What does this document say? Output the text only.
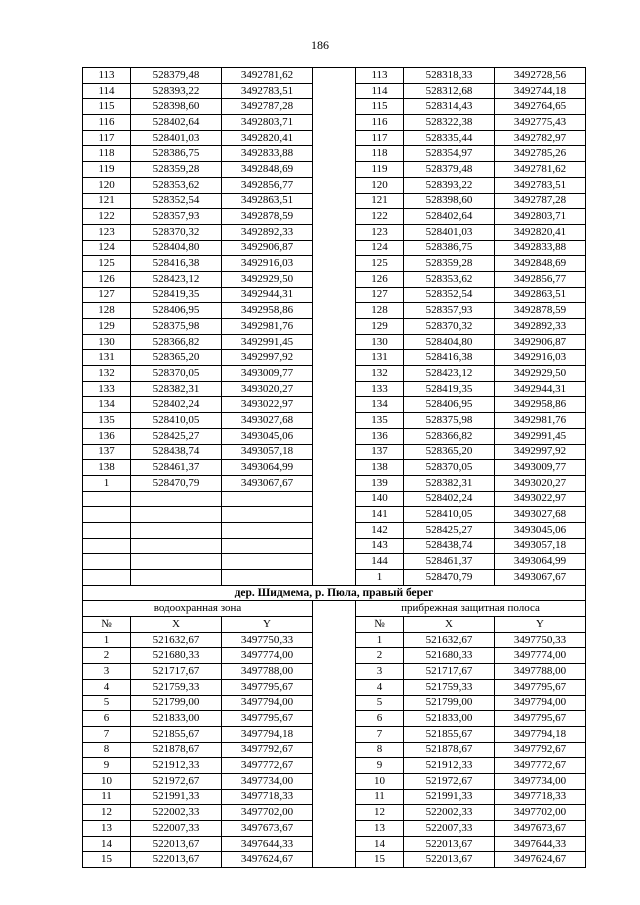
186
113	528379,48	3492781,62		113	528318,33	3492728,56
114	528393,22	3492783,51		114	528312,68	3492744,18
115	528398,60	3492787,28		115	528314,43	3492764,65
116	528402,64	3492803,71		116	528322,38	3492775,43
117	528401,03	3492820,41		117	528335,44	3492782,97
118	528386,75	3492833,88		118	528354,97	3492785,26
119	528359,28	3492848,69		119	528379,48	3492781,62
120	528353,62	3492856,77		120	528393,22	3492783,51
121	528352,54	3492863,51		121	528398,60	3492787,28
122	528357,93	3492878,59		122	528402,64	3492803,71
123	528370,32	3492892,33		123	528401,03	3492820,41
124	528404,80	3492906,87		124	528386,75	3492833,88
125	528416,38	3492916,03		125	528359,28	3492848,69
126	528423,12	3492929,50		126	528353,62	3492856,77
127	528419,35	3492944,31		127	528352,54	3492863,51
128	528406,95	3492958,86		128	528357,93	3492878,59
129	528375,98	3492981,76		129	528370,32	3492892,33
130	528366,82	3492991,45		130	528404,80	3492906,87
131	528365,20	3492997,92		131	528416,38	3492916,03
132	528370,05	3493009,77		132	528423,12	3492929,50
133	528382,31	3493020,27		133	528419,35	3492944,31
134	528402,24	3493022,97		134	528406,95	3492958,86
135	528410,05	3493027,68		135	528375,98	3492981,76
136	528425,27	3493045,06		136	528366,82	3492991,45
137	528438,74	3493057,18		137	528365,20	3492997,92
138	528461,37	3493064,99		138	528370,05	3493009,77
1	528470,79	3493067,67		139	528382,31	3493020,27
				140	528402,24	3493022,97
				141	528410,05	3493027,68
				142	528425,27	3493045,06
				143	528438,74	3493057,18
				144	528461,37	3493064,99
				1	528470,79	3493067,67
дер. Шидмема, р. Пюла, правый берег						
водоохранная зона				прибрежная защитная полоса		
№	X	Y		№	X	Y
1	521632,67	3497750,33		1	521632,67	3497750,33
2	521680,33	3497774,00		2	521680,33	3497774,00
3	521717,67	3497788,00		3	521717,67	3497788,00
4	521759,33	3497795,67		4	521759,33	3497795,67
5	521799,00	3497794,00		5	521799,00	3497794,00
6	521833,00	3497795,67		6	521833,00	3497795,67
7	521855,67	3497794,18		7	521855,67	3497794,18
8	521878,67	3497792,67		8	521878,67	3497792,67
9	521912,33	3497772,67		9	521912,33	3497772,67
10	521972,67	3497734,00		10	521972,67	3497734,00
11	521991,33	3497718,33		11	521991,33	3497718,33
12	522002,33	3497702,00		12	522002,33	3497702,00
13	522007,33	3497673,67		13	522007,33	3497673,67
14	522013,67	3497644,33		14	522013,67	3497644,33
15	522013,67	3497624,67		15	522013,67	3497624,67
